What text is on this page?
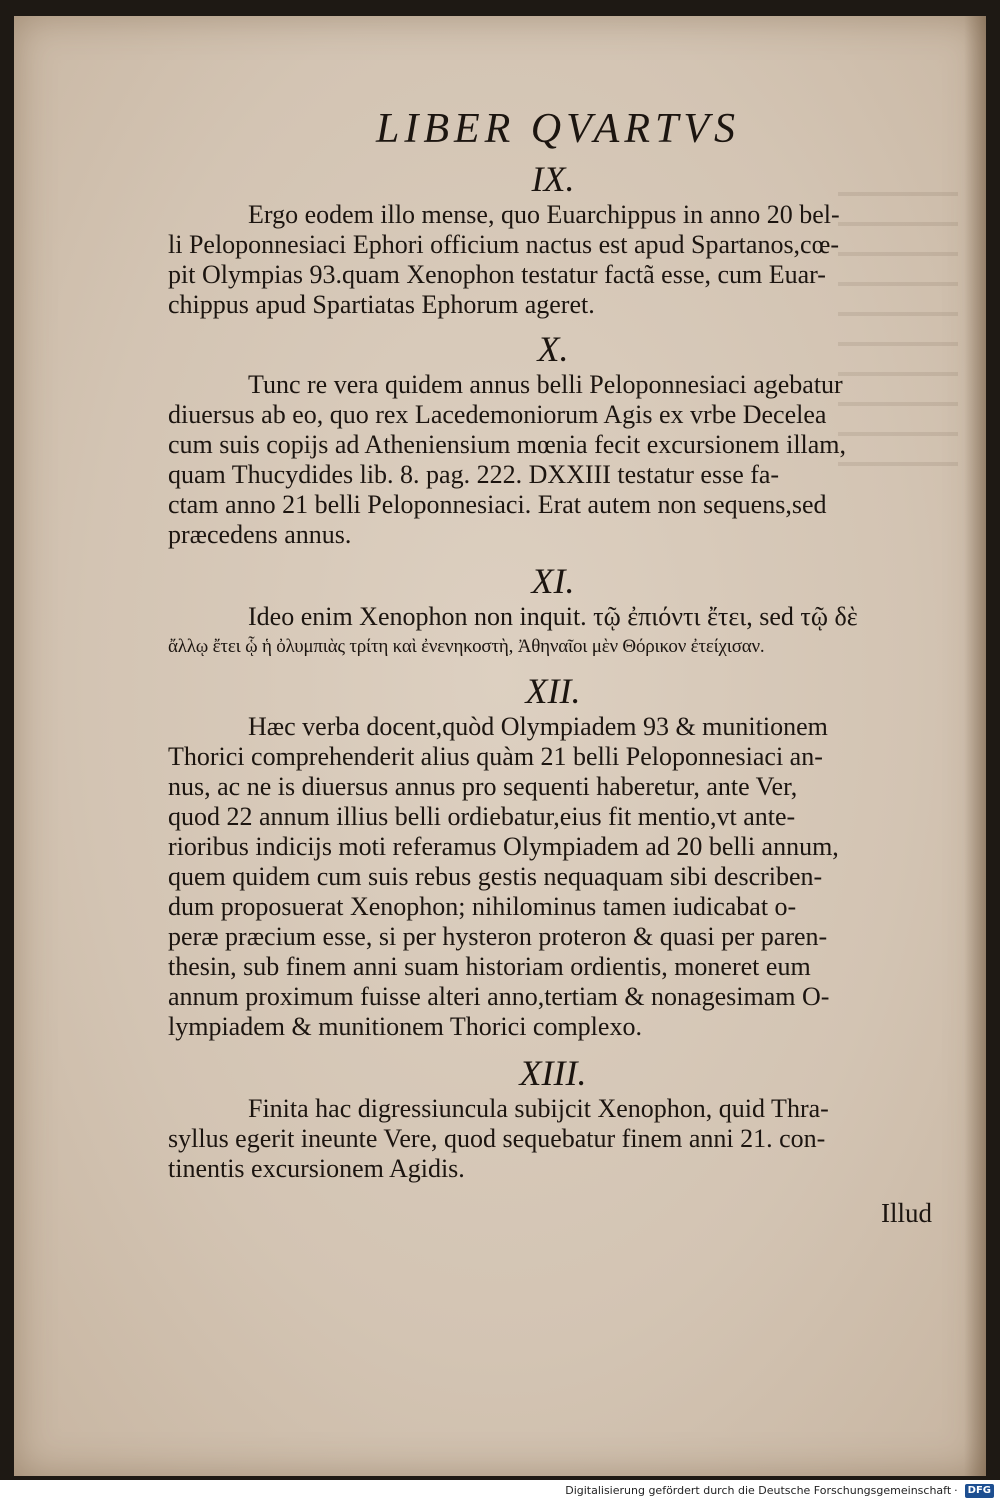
LIBER QVARTVS

IX.

Ergo eodem illo mense, quo Euarchippus in anno 20 bel-
li Peloponnesiaci Ephori officium nactus est apud Spartanos,cœ-
pit Olympias 93.quam Xenophon testatur factã esse, cum Euar-
chippus apud Spartiatas Ephorum ageret.

X.

Tunc re vera quidem annus belli Peloponnesiaci agebatur
diuersus ab eo, quo rex Lacedemoniorum Agis ex vrbe Decelea
cum suis copijs ad Atheniensium mœnia fecit excursionem illam,
quam Thucydides lib. 8. pag. 222. DXXIII testatur esse fa-
ctam anno 21 belli Peloponnesiaci. Erat autem non sequens,sed
præcedens annus.

XI.

Ideo enim Xenophon non inquit. τῷ ἐπιόντι ἔτει, sed τῷ δὲ
ἄλλῳ ἔτει ᾧ ἡ ὀλυμπιὰς τρίτη καὶ ἐνενηκοστὴ, Ἀθηναῖοι μὲν Θόρικον ἐτείχισαν.

XII.

Hæc verba docent,quòd Olympiadem 93 & munitionem
Thorici comprehenderit alius quàm 21 belli Peloponnesiaci an-
nus, ac ne is diuersus annus pro sequenti haberetur, ante Ver,
quod 22 annum illius belli ordiebatur,eius fit mentio,vt ante-
rioribus indicijs moti referamus Olympiadem ad 20 belli annum,
quem quidem cum suis rebus gestis nequaquam sibi describen-
dum proposuerat Xenophon; nihilominus tamen iudicabat o-
peræ præcium esse, si per hysteron proteron & quasi per paren-
thesin, sub finem anni suam historiam ordientis, moneret eum
annum proximum fuisse alteri anno,tertiam & nonagesimam O-
lympiadem & munitionem Thorici complexo.

XIII.

Finita hac digressiuncula subijcit Xenophon, quid Thra-
syllus egerit ineunte Vere, quod sequebatur finem anni 21. con-
tinentis excursionem Agidis.

Illud

Digitalisierung gefördert durch die Deutsche Forschungsgemeinschaft ·	DFG
